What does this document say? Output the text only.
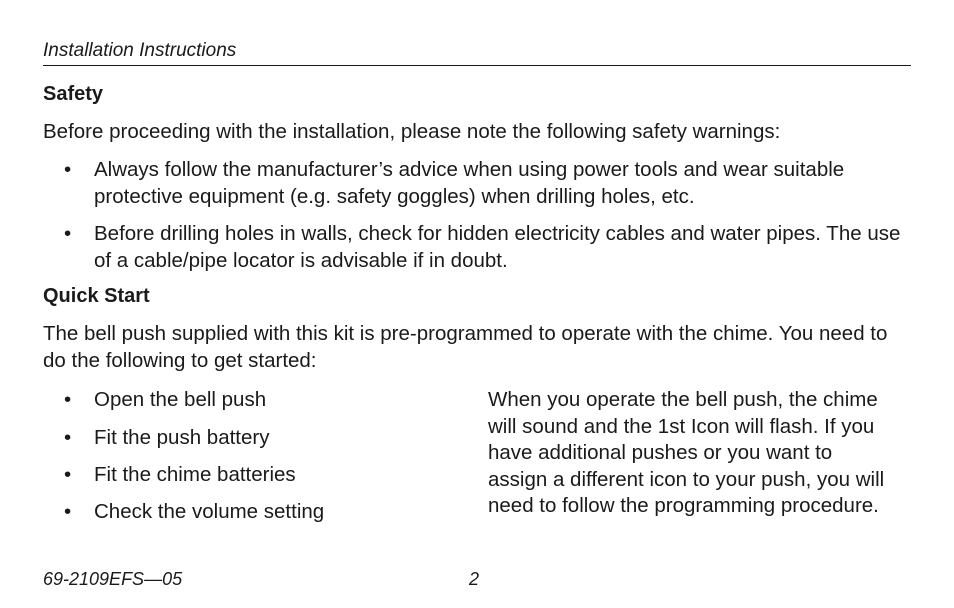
Installation Instructions
Safety
Before proceeding with the installation, please note the following safety warnings:
• Always follow the manufacturer’s advice when using power tools and wear suitable protective equipment (e.g. safety goggles) when drilling holes, etc.
• Before drilling holes in walls, check for hidden electricity cables and water pipes. The use of a cable/pipe locator is advisable if in doubt.
Quick Start
The bell push supplied with this kit is pre-programmed to operate with the chime. You need to do the following to get started:
• Open the bell push
• Fit the push battery
• Fit the chime batteries
• Check the volume setting
When you operate the bell push, the chime will sound and the 1st Icon will flash. If you have additional pushes or you want to assign a different icon to your push, you will need to follow the programming procedure.
69-2109EFS—05	2
